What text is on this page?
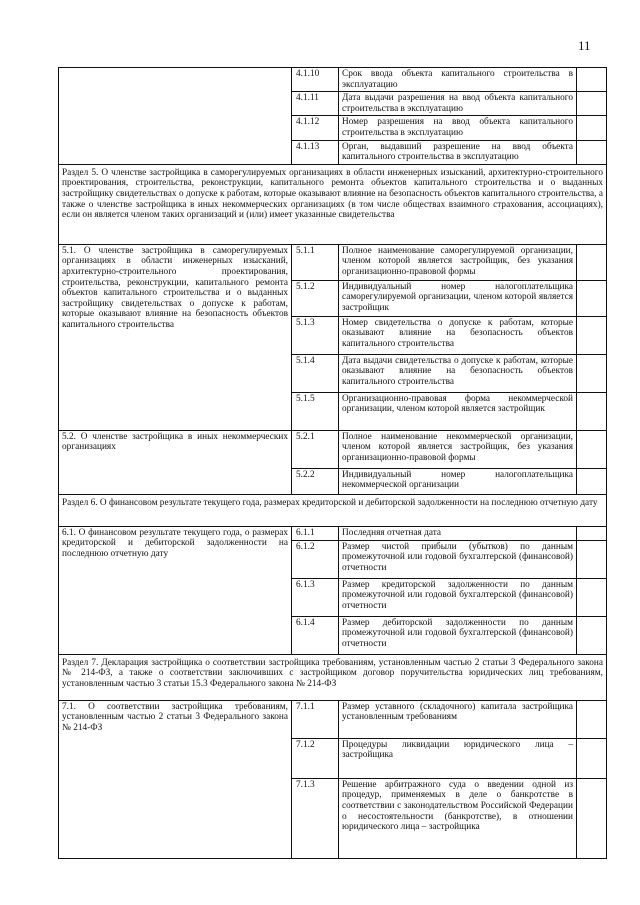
11
	4.1.10	Срок ввода объекта капитального строительства в эксплуатацию	
	4.1.11	Дата выдачи разрешения на ввод объекта капитального строительства в эксплуатацию	
	4.1.12	Номер разрешения на ввод объекта капитального строительства в эксплуатацию	
	4.1.13	Орган, выдавший разрешение на ввод объекта капитального строительства в эксплуатацию	
Раздел 5. О членстве застройщика в саморегулируемых организациях в области инженерных изысканий, архитектурно-строительного проектирования, строительства, реконструкции, капитального ремонта объектов капитального строительства и о выданных застройщику свидетельствах о допуске к работам, которые оказывают влияние на безопасность объектов капитального строительства, а также о членстве застройщика в иных некоммерческих организациях (в том числе обществах взаимного страхования, ассоциациях), если он является членом таких организаций и (или) имеет указанные свидетельства			
5.1. О членстве застройщика в саморегулируемых организациях в области инженерных изысканий, архитектурно-строительного проектирования, строительства, реконструкции, капитального ремонта объектов капитального строительства и о выданных застройщику свидетельствах о допуске к работам, которые оказывают влияние на безопасность объектов капитального строительства	5.1.1	Полное наименование саморегулируемой организации, членом которой является застройщик, без указания организационно-правовой формы	
	5.1.2	Индивидуальный номер налогоплательщика саморегулируемой организации, членом которой является застройщик	
	5.1.3	Номер свидетельства о допуске к работам, которые оказывают влияние на безопасность объектов капитального строительства	
	5.1.4	Дата выдачи свидетельства о допуске к работам, которые оказывают влияние на безопасность объектов капитального строительства	
	5.1.5	Организационно-правовая форма некоммерческой организации, членом которой является застройщик	
5.2. О членстве застройщика в иных некоммерческих организациях	5.2.1	Полное наименование некоммерческой организации, членом которой является застройщик, без указания организационно-правовой формы	
	5.2.2	Индивидуальный номер налогоплательщика некоммерческой организации	
Раздел 6. О финансовом результате текущего года, размерах кредиторской и дебиторской задолженности на последнюю отчетную дату			
6.1. О финансовом результате текущего года, о размерах кредиторской и дебиторской задолженности на последнюю отчетную дату	6.1.1	Последняя отчетная дата	
	6.1.2	Размер чистой прибыли (убытков) по данным промежуточной или годовой бухгалтерской (финансовой) отчетности	
	6.1.3	Размер кредиторской задолженности по данным промежуточной или годовой бухгалтерской (финансовой) отчетности	
	6.1.4	Размер дебиторской задолженности по данным промежуточной или годовой бухгалтерской (финансовой) отчетности	
Раздел 7. Декларация застройщика о соответствии застройщика требованиям, установленным частью 2 статьи 3 Федерального закона № 214-ФЗ, а также о соответствии заключивших с застройщиком договор поручительства юридических лиц требованиям, установленным частью 3 статьи 15.3 Федерального закона № 214-ФЗ			
7.1. О соответствии застройщика требованиям, установленным частью 2 статьи 3 Федерального закона № 214-ФЗ	7.1.1	Размер уставного (складочного) капитала застройщика установленным требованиям	
	7.1.2	Процедуры ликвидации юридического лица – застройщика	
	7.1.3	Решение арбитражного суда о введении одной из процедур, применяемых в деле о банкротстве в соответствии с законодательством Российской Федерации о несостоятельности (банкротстве), в отношении юридического лица – застройщика	
